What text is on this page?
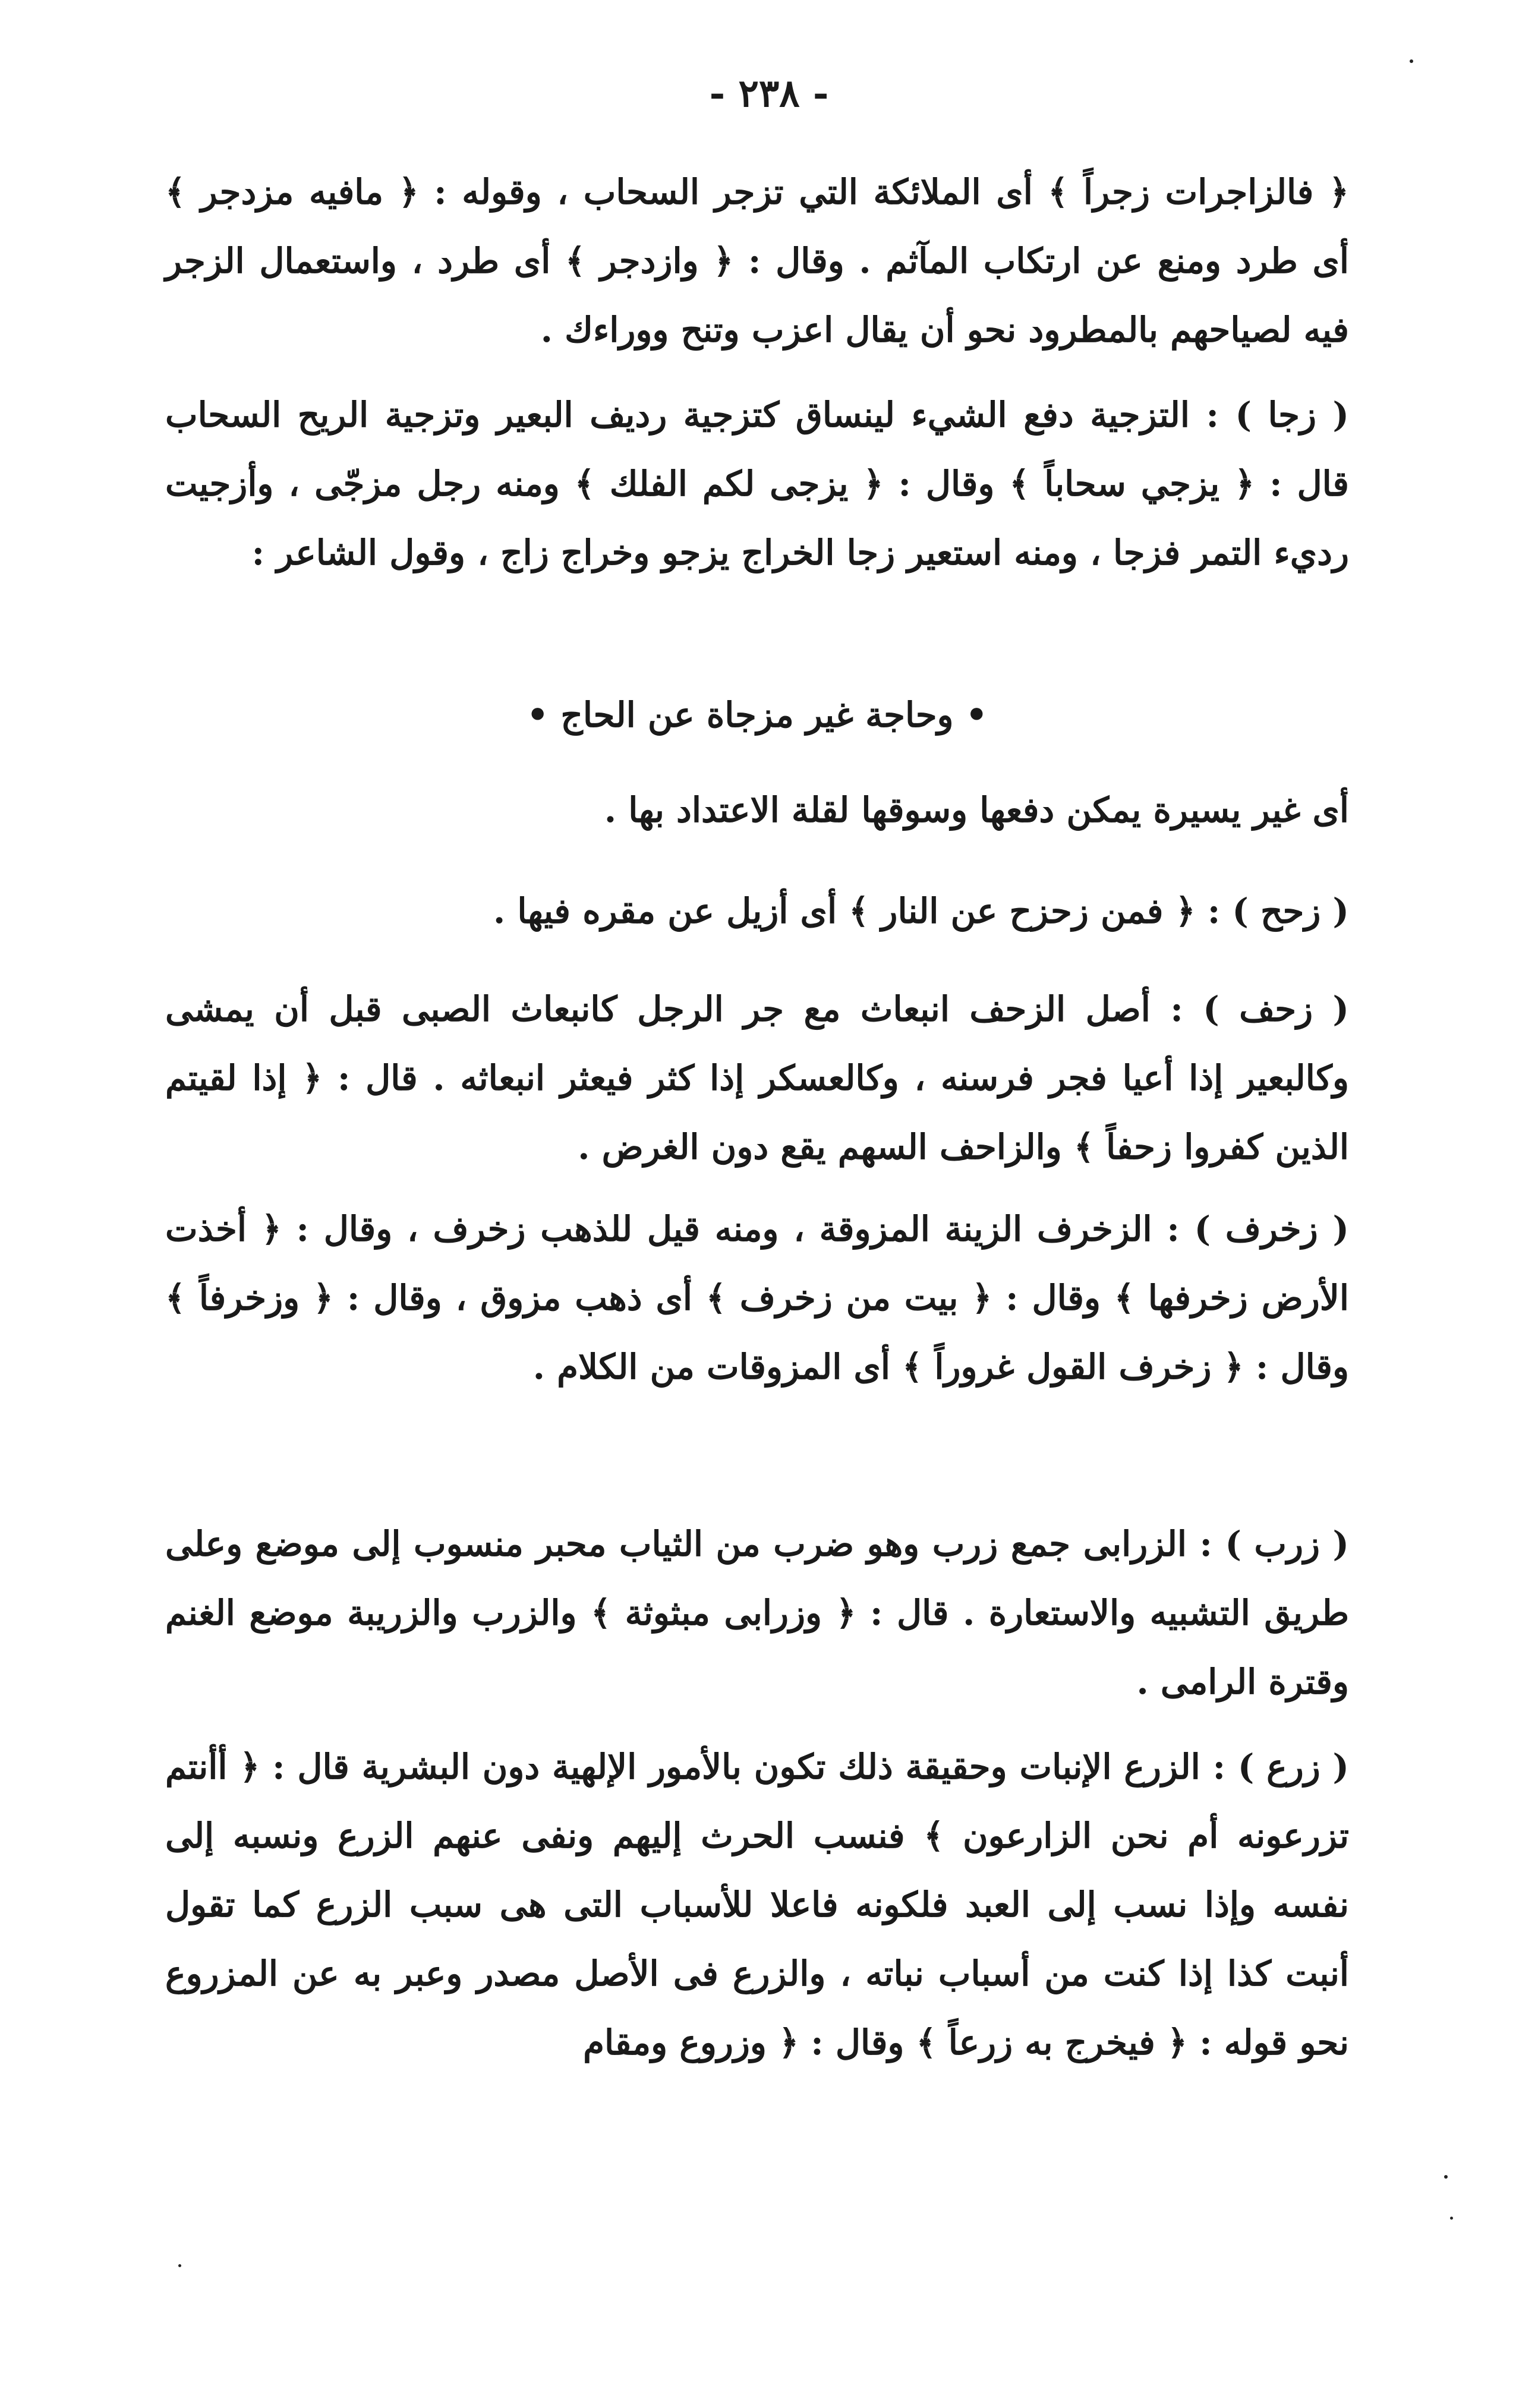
- ٢٣٨ -

﴿ فالزاجرات زجراً ﴾ أى الملائكة التي تزجر السحاب ، وقوله : ﴿ مافيه مزدجر ﴾ أى طرد ومنع عن ارتكاب المآثم . وقال : ﴿ وازدجر ﴾ أى طرد ، واستعمال الزجر فيه لصياحهم بالمطرود نحو أن يقال اعزب وتنح ووراءك .

( زجا ) : التزجية دفع الشيء لينساق كتزجية رديف البعير وتزجية الريح السحاب قال : ﴿ يزجي سحاباً ﴾ وقال : ﴿ يزجى لكم الفلك ﴾ ومنه رجل مزجّى ، وأزجيت رديء التمر فزجا ، ومنه استعير زجا الخراج يزجو وخراج زاج ، وقول الشاعر :

• وحاجة غير مزجاة عن الحاج •

أى غير يسيرة يمكن دفعها وسوقها لقلة الاعتداد بها .

( زحح ) : ﴿ فمن زحزح عن النار ﴾ أى أزيل عن مقره فيها .

( زحف ) : أصل الزحف انبعاث مع جر الرجل كانبعاث الصبى قبل أن يمشى وكالبعير إذا أعيا فجر فرسنه ، وكالعسكر إذا كثر فيعثر انبعاثه . قال : ﴿ إذا لقيتم الذين كفروا زحفاً ﴾ والزاحف السهم يقع دون الغرض .

( زخرف ) : الزخرف الزينة المزوقة ، ومنه قيل للذهب زخرف ، وقال : ﴿ أخذت الأرض زخرفها ﴾ وقال : ﴿ بيت من زخرف ﴾ أى ذهب مزوق ، وقال : ﴿ وزخرفاً ﴾ وقال : ﴿ زخرف القول غروراً ﴾ أى المزوقات من الكلام .

( زرب ) : الزرابى جمع زرب وهو ضرب من الثياب محبر منسوب إلى موضع وعلى طريق التشبيه والاستعارة . قال : ﴿ وزرابى مبثوثة ﴾ والزرب والزريبة موضع الغنم وقترة الرامى .

( زرع ) : الزرع الإنبات وحقيقة ذلك تكون بالأمور الإلهية دون البشرية قال : ﴿ أأنتم تزرعونه أم نحن الزارعون ﴾ فنسب الحرث إليهم ونفى عنهم الزرع ونسبه إلى نفسه وإذا نسب إلى العبد فلكونه فاعلا للأسباب التى هى سبب الزرع كما تقول أنبت كذا إذا كنت من أسباب نباته ، والزرع فى الأصل مصدر وعبر به عن المزروع نحو قوله : ﴿ فيخرج به زرعاً ﴾ وقال : ﴿ وزروع ومقام
